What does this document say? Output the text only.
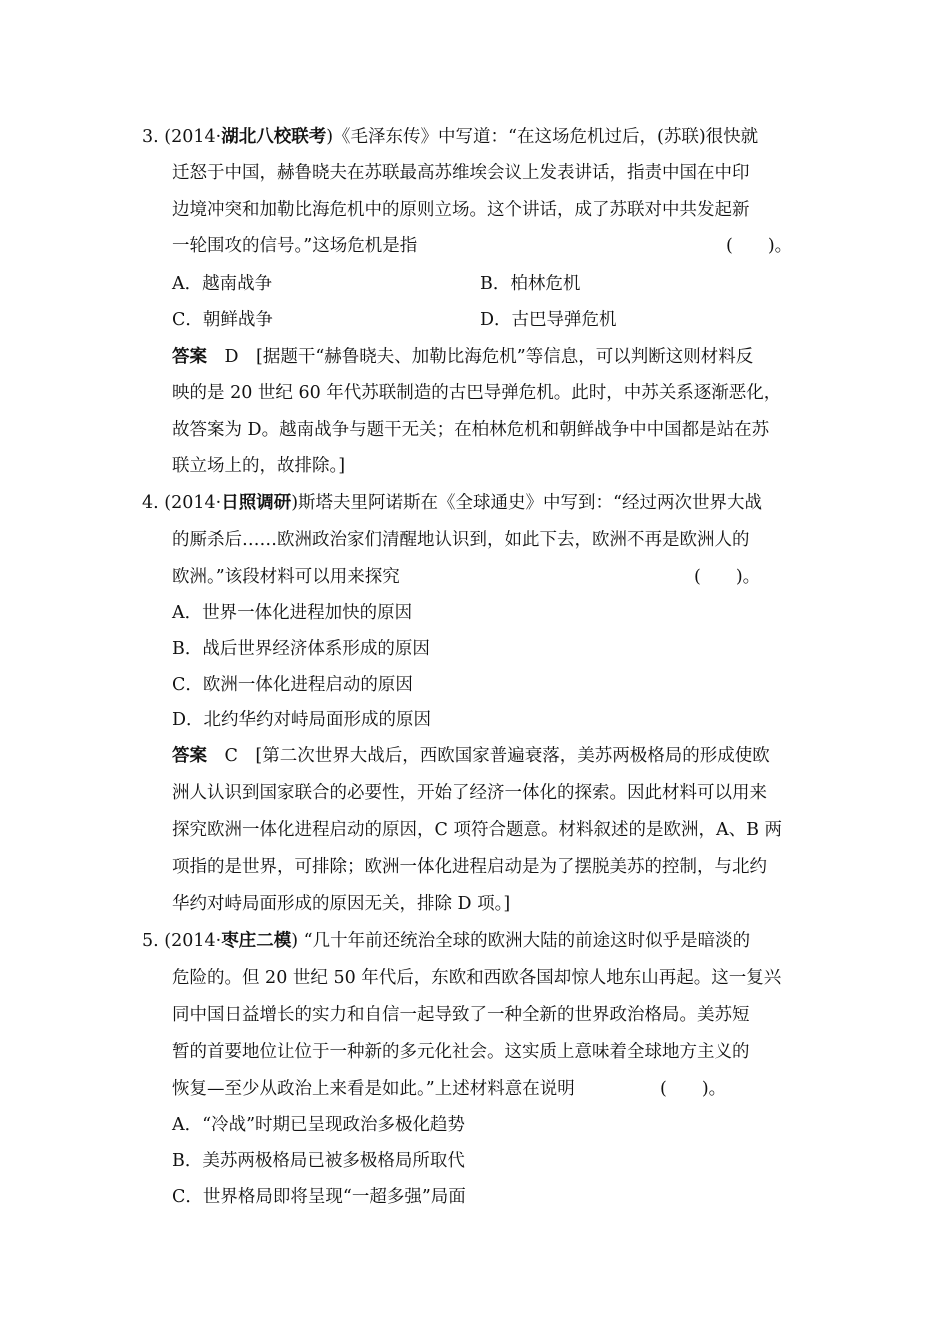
3. (2014·湖北八校联考)《毛泽东传》中写道：“在这场危机过后，(苏联)很快就
迁怒于中国，赫鲁晓夫在苏联最高苏维埃会议上发表讲话，指责中国在中印
边境冲突和加勒比海危机中的原则立场。这个讲话，成了苏联对中共发起新
一轮围攻的信号。”这场危机是指	(　　)。
A．越南战争	B．柏林危机
C．朝鲜战争	D．古巴导弹危机
答案　 D　 [据题干“赫鲁晓夫、加勒比海危机”等信息，可以判断这则材料反
映的是 20 世纪 60 年代苏联制造的古巴导弹危机。此时，中苏关系逐渐恶化，
故答案为 D。越南战争与题干无关；在柏林危机和朝鲜战争中中国都是站在苏
联立场上的，故排除。]
4. (2014·日照调研)斯塔夫里阿诺斯在《全球通史》中写到：“经过两次世界大战
的厮杀后……欧洲政治家们清醒地认识到，如此下去，欧洲不再是欧洲人的
欧洲。”该段材料可以用来探究	(　　)。
A．世界一体化进程加快的原因
B．战后世界经济体系形成的原因
C．欧洲一体化进程启动的原因
D．北约华约对峙局面形成的原因
答案　 C　 [第二次世界大战后，西欧国家普遍衰落，美苏两极格局的形成使欧
洲人认识到国家联合的必要性，开始了经济一体化的探索。因此材料可以用来
探究欧洲一体化进程启动的原因，C 项符合题意。材料叙述的是欧洲，A、B 两
项指的是世界，可排除；欧洲一体化进程启动是为了摆脱美苏的控制，与北约
华约对峙局面形成的原因无关，排除 D 项。]
5. (2014·枣庄二模) “几十年前还统治全球的欧洲大陆的前途这时似乎是暗淡的
危险的。但 20 世纪 50 年代后，东欧和西欧各国却惊人地东山再起。这一复兴
同中国日益增长的实力和自信一起导致了一种全新的世界政治格局。美苏短
暂的首要地位让位于一种新的多元化社会。这实质上意味着全球地方主义的
恢复—至少从政治上来看是如此。”上述材料意在说明	(　　)。
A．“冷战”时期已呈现政治多极化趋势
B．美苏两极格局已被多极格局所取代
C．世界格局即将呈现“一超多强”局面
